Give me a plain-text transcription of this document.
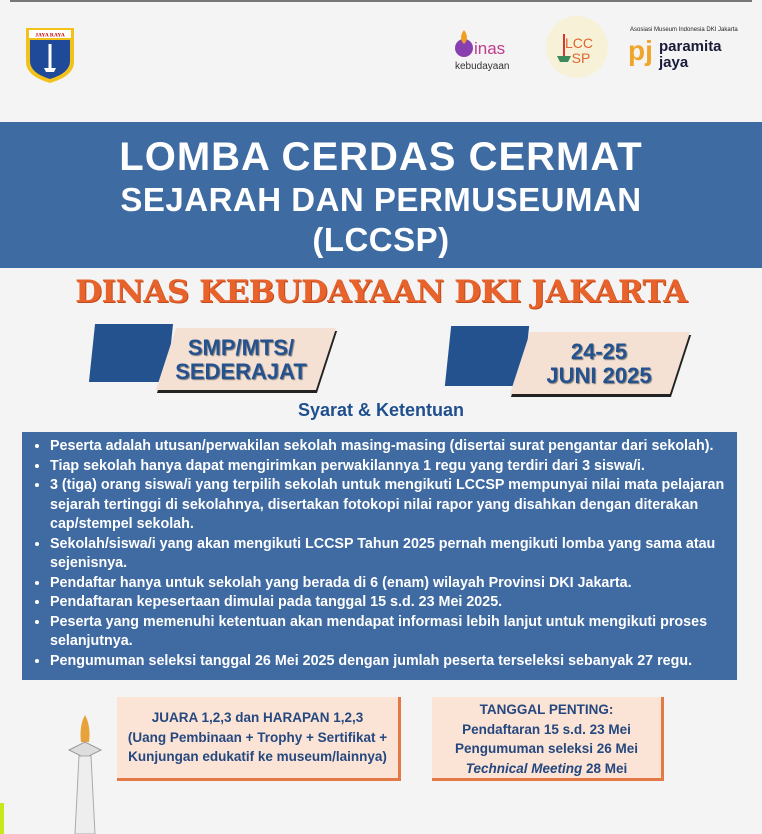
JAYA RAYA
inas
kebudayaan
LCC
SP
Asosiasi Museum Indonesia DKI Jakarta
pj paramita
jaya
LOMBA CERDAS CERMAT
SEJARAH DAN PERMUSEUMAN
(LCCSP)
DINAS KEBUDAYAAN DKI JAKARTA
SMP/MTS/
SEDERAJAT
24-25
JUNI 2025
Syarat & Ketentuan
• Peserta adalah utusan/perwakilan sekolah masing-masing (disertai surat pengantar dari sekolah).
• Tiap sekolah hanya dapat mengirimkan perwakilannya 1 regu yang terdiri dari 3 siswa/i.
• 3 (tiga) orang siswa/i yang terpilih sekolah untuk mengikuti LCCSP mempunyai nilai mata pelajaran sejarah tertinggi di sekolahnya, disertakan fotokopi nilai rapor yang disahkan dengan diterakan cap/stempel sekolah.
• Sekolah/siswa/i yang akan mengikuti LCCSP Tahun 2025 pernah mengikuti lomba yang sama atau sejenisnya.
• Pendaftar hanya untuk sekolah yang berada di 6 (enam) wilayah Provinsi DKI Jakarta.
• Pendaftaran kepesertaan dimulai pada tanggal 15 s.d. 23 Mei 2025.
• Peserta yang memenuhi ketentuan akan mendapat informasi lebih lanjut untuk mengikuti proses selanjutnya.
• Pengumuman seleksi tanggal 26 Mei 2025 dengan jumlah peserta terseleksi sebanyak 27 regu.
JUARA 1,2,3 dan HARAPAN 1,2,3
(Uang Pembinaan + Trophy + Sertifikat +
Kunjungan edukatif ke museum/lainnya)
TANGGAL PENTING:
Pendaftaran 15 s.d. 23 Mei
Pengumuman seleksi 26 Mei
Technical Meeting 28 Mei
